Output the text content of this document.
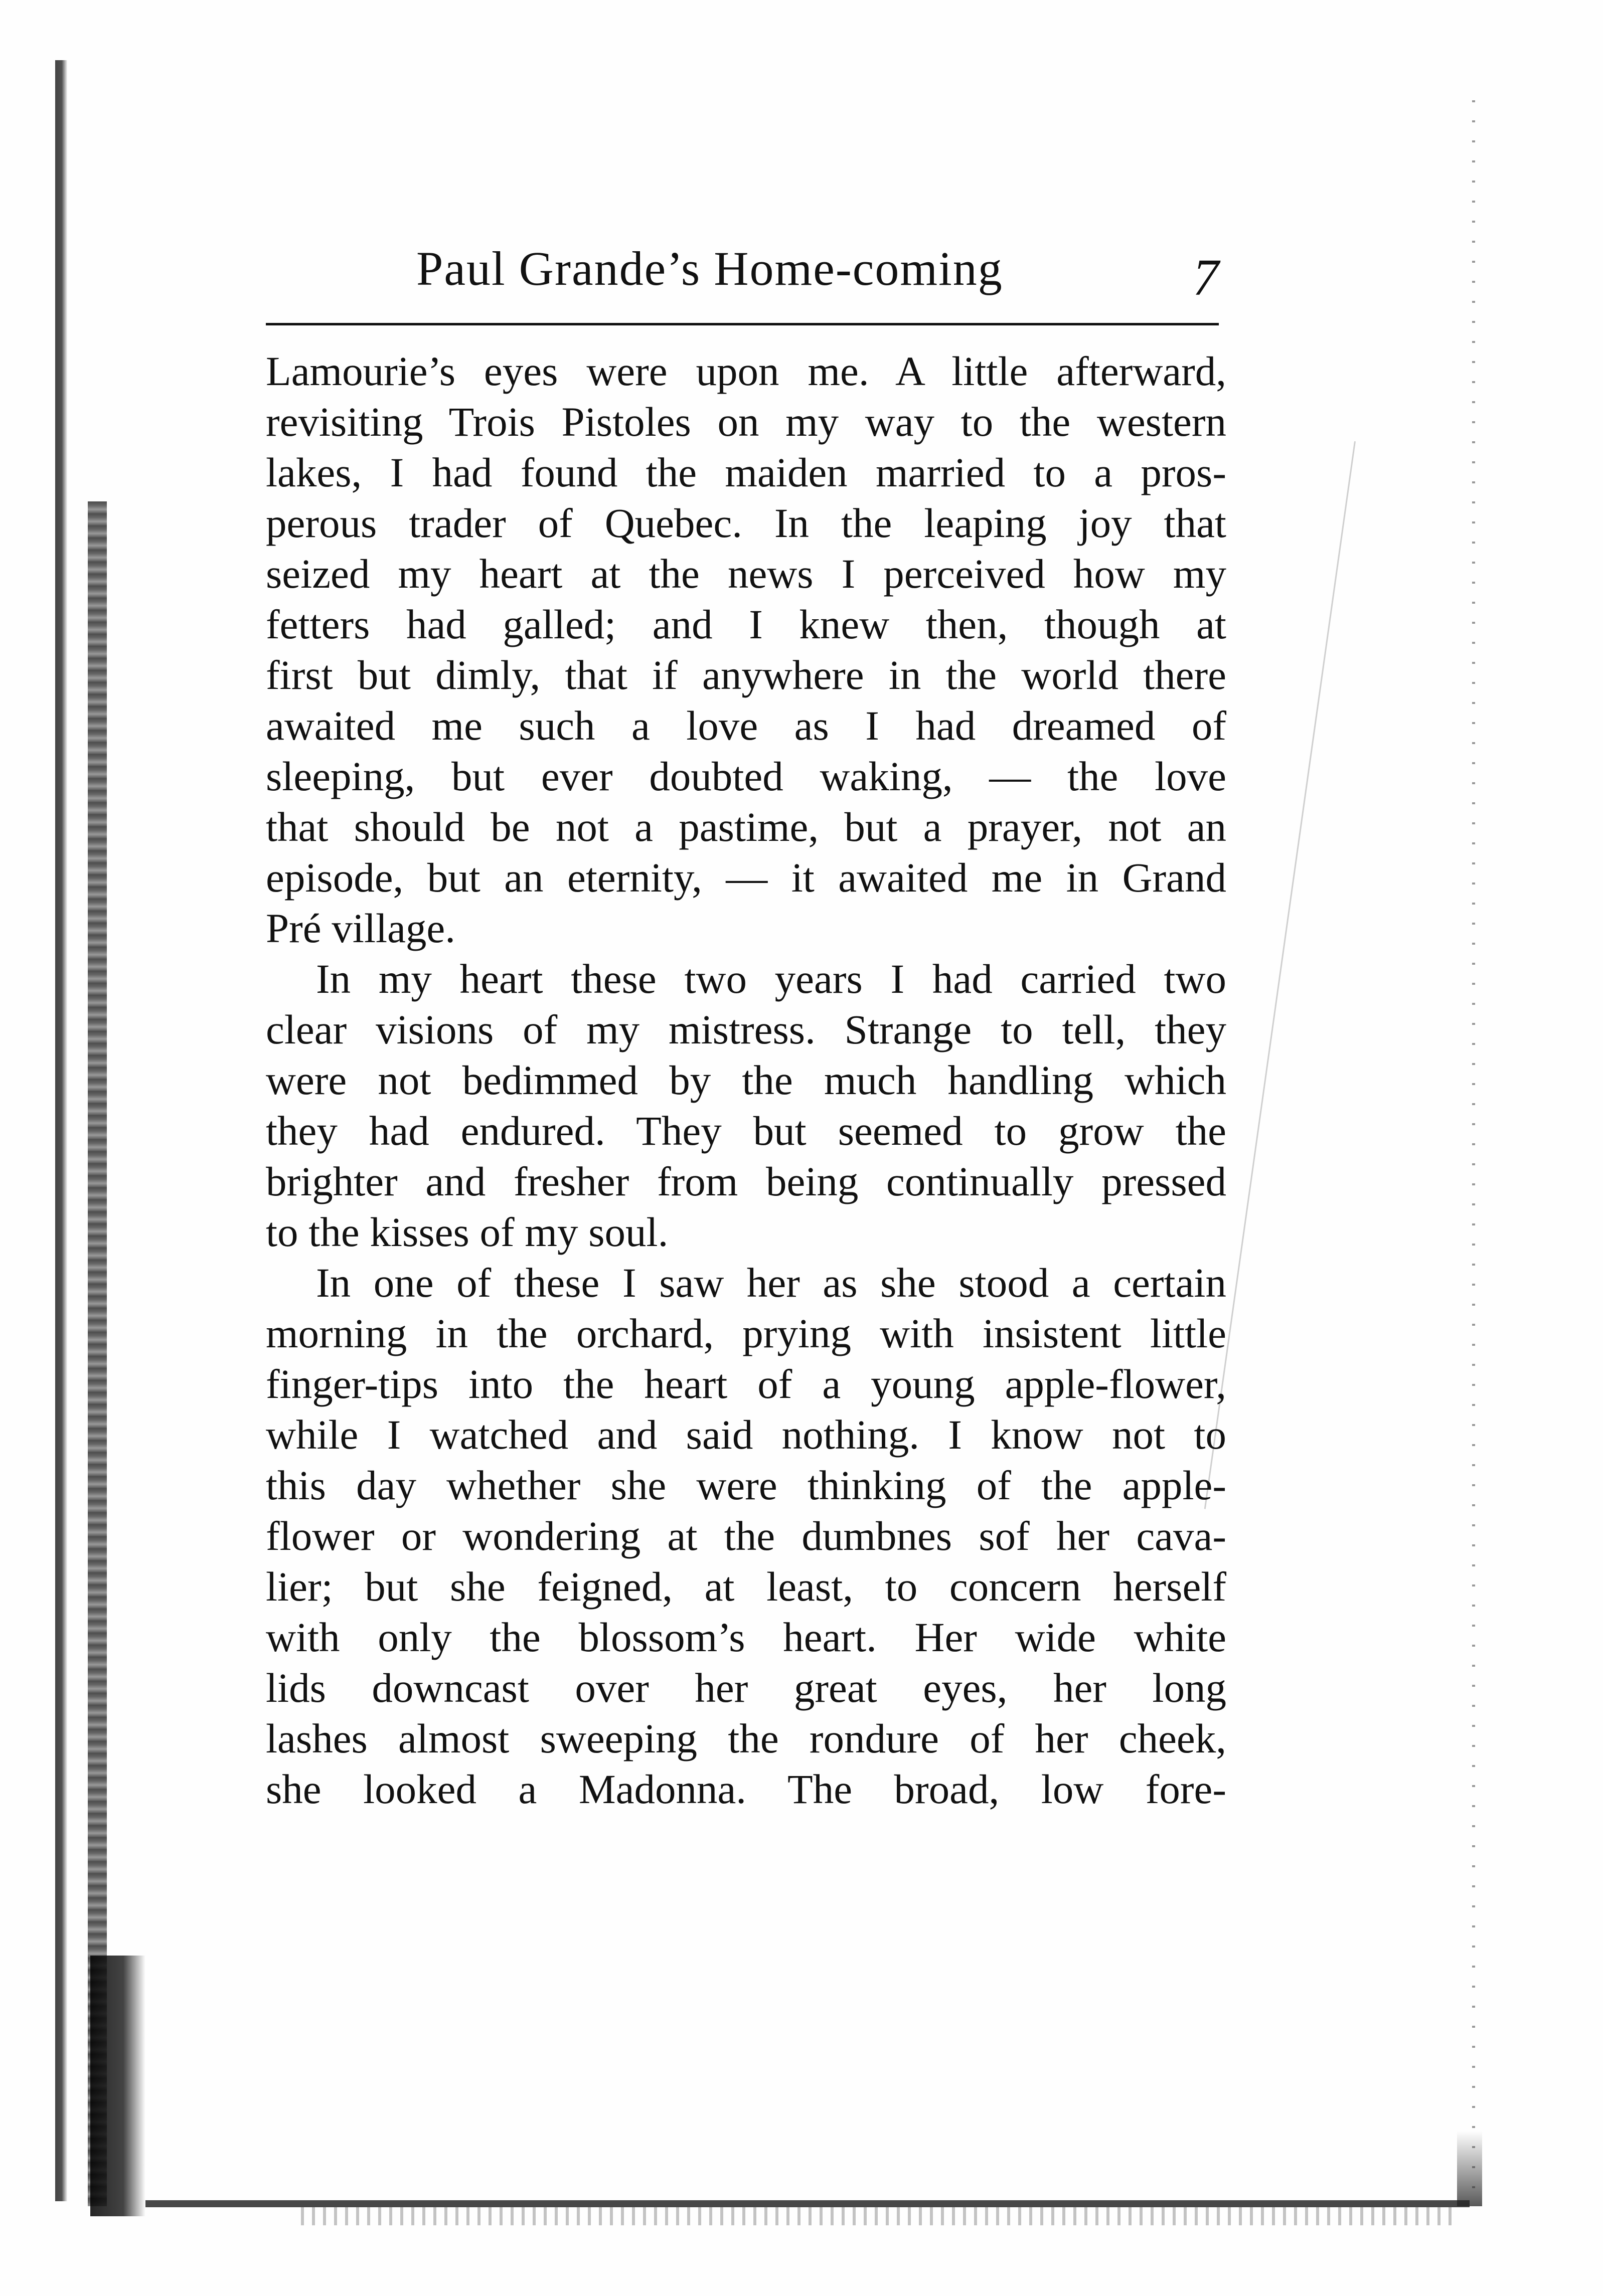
Paul Grande’s Home-coming	7
Lamourie’s eyes were upon me. A little afterward,
revisiting Trois Pistoles on my way to the western
lakes, I had found the maiden married to a pros-
perous trader of Quebec. In the leaping joy that
seized my heart at the news I perceived how my
fetters had galled; and I knew then, though at
first but dimly, that if anywhere in the world there
awaited me such a love as I had dreamed of
sleeping, but ever doubted waking, — the love
that should be not a pastime, but a prayer, not an
episode, but an eternity, — it awaited me in Grand
Pré village.
In my heart these two years I had carried two
clear visions of my mistress. Strange to tell, they
were not bedimmed by the much handling which
they had endured. They but seemed to grow the
brighter and fresher from being continually pressed
to the kisses of my soul.
In one of these I saw her as she stood a certain
morning in the orchard, prying with insistent little
finger-tips into the heart of a young apple-flower,
while I watched and said nothing. I know not to
this day whether she were thinking of the apple-
flower or wondering at the dumbnes sof her cava-
lier; but she feigned, at least, to concern herself
with only the blossom’s heart. Her wide white
lids downcast over her great eyes, her long
lashes almost sweeping the rondure of her cheek,
she looked a Madonna. The broad, low fore-
